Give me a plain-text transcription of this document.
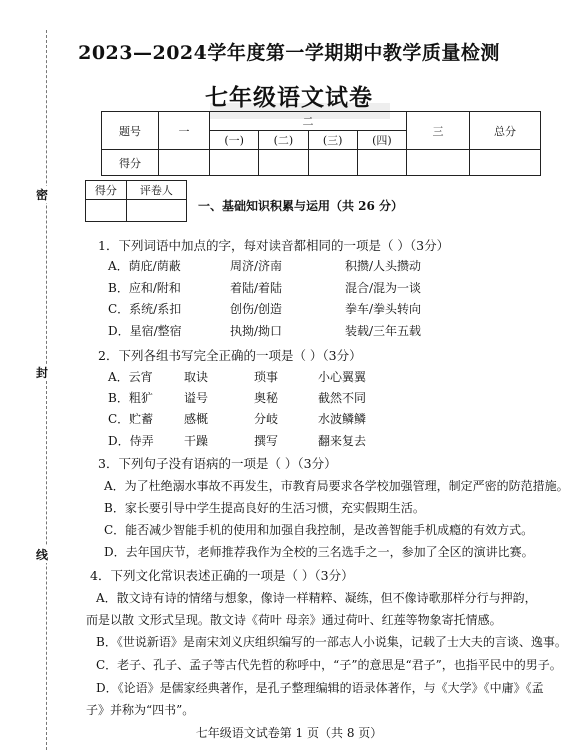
密
封
线
2023—2024学年度第一学期期中教学质量检测
七年级语文试卷
题号	一	二				三	总分
		(一)	(二)	(三)	(四)		
得分							
得分	评卷人

一、基础知识积累与运用（共 26 分）
1．下列词语中加点的字，每对读音都相同的一项是（ ）（3分）
A．荫庇/荫蔽	周济/济南	积攒/人头攒动
B．应和/附和	着陆/着陆	混合/混为一谈
C．系统/系扣	创伤/创造	拳车/拳头转向
D．星宿/整宿	执拗/拗口	装载/三年五载
2．下列各组书写完全正确的一项是（ ）（3分）
A．云宵	取诀	琐事	小心翼翼
B．粗犷	谥号	奥秘	截然不同
C．贮蓄	感概	分岐	水波鳞鳞
D．侍弄	干躁	撰写	翻来复去
3．下列句子没有语病的一项是（ ）（3分）
A．为了杜绝溺水事故不再发生，市教育局要求各学校加强管理，制定严密的防范措施。
B．家长要引导中学生提高良好的生活习惯，充实假期生活。
C．能否减少智能手机的使用和加强自我控制，是改善智能手机成瘾的有效方式。
D．去年国庆节，老师推荐我作为全校的三名选手之一，参加了全区的演讲比赛。
4．下列文化常识表述正确的一项是（ ）（3分）
A．散文诗有诗的情绪与想象，像诗一样精粹、凝练，但不像诗歌那样分行与押韵，
而是以散 文形式呈现。散文诗《荷叶 母亲》通过荷叶、红莲等物象寄托情感。
B．《世说新语》是南宋刘义庆组织编写的一部志人小说集，记载了士大夫的言谈、逸事。
C．老子、孔子、孟子等古代先哲的称呼中，“子”的意思是“君子”，也指平民中的男子。
D．《论语》是儒家经典著作，是孔子整理编辑的语录体著作，与《大学》《中庸》《孟
子》并称为“四书”。
七年级语文试卷第 1 页（共 8 页）
